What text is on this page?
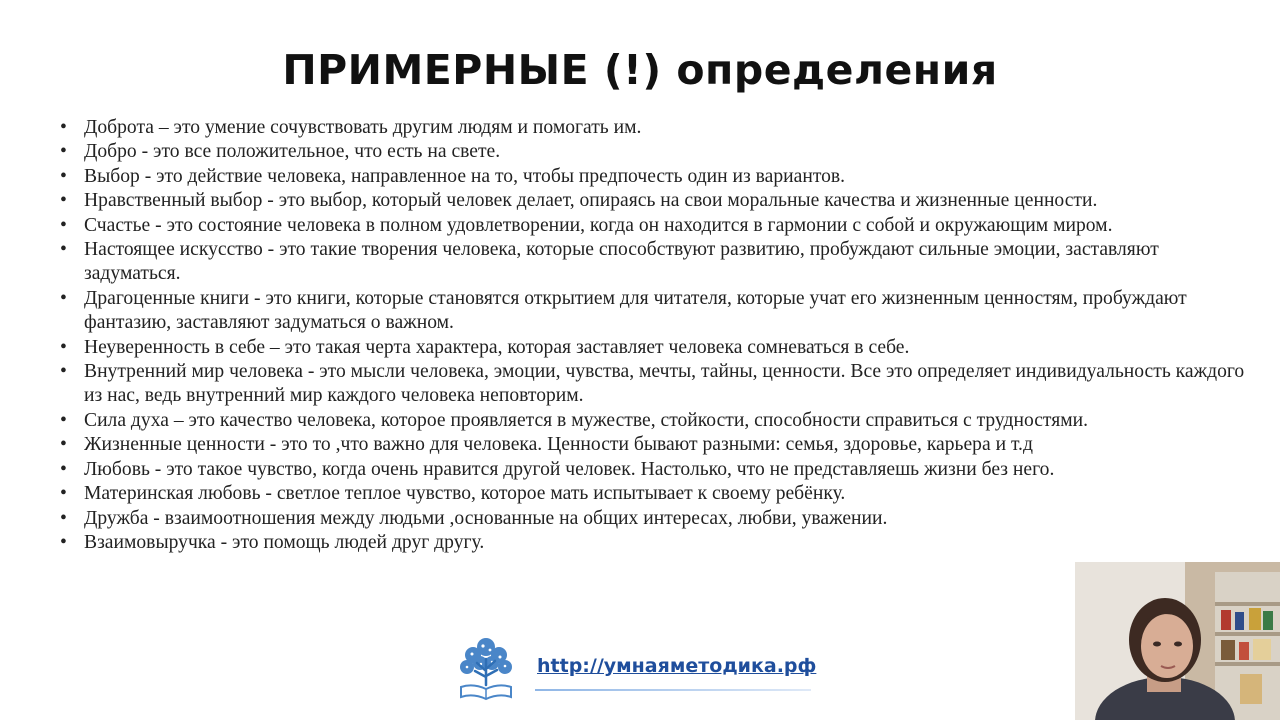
ПРИМЕРНЫЕ (!) определения
• Доброта – это умение сочувствовать другим людям и помогать им.
• Добро - это все положительное, что есть на свете.
• Выбор - это действие человека, направленное на то, чтобы предпочесть один из вариантов.
• Нравственный выбор - это выбор, который человек делает, опираясь на свои моральные качества и жизненные ценности.
• Счастье - это состояние человека в полном удовлетворении, когда он находится в гармонии с собой и окружающим миром.
• Настоящее искусство - это такие творения человека, которые способствуют развитию, пробуждают сильные эмоции, заставляют задуматься.
• Драгоценные книги - это книги, которые становятся открытием для читателя, которые учат его жизненным ценностям, пробуждают фантазию, заставляют задуматься о важном.
• Неуверенность в себе – это такая черта характера, которая заставляет человека сомневаться в себе.
• Внутренний мир человека - это мысли человека, эмоции, чувства, мечты, тайны, ценности. Все это определяет индивидуальность каждого из нас, ведь внутренний мир каждого человека неповторим.
• Сила духа – это качество человека, которое проявляется в мужестве, стойкости, способности справиться с трудностями.
• Жизненные ценности - это то ,что важно для человека. Ценности бывают разными: семья, здоровье, карьера и т.д
• Любовь - это такое чувство, когда очень нравится другой человек. Настолько, что не представляешь жизни без него.
• Материнская любовь - светлое теплое чувство, которое мать испытывает к своему ребёнку.
• Дружба - взаимоотношения между людьми ,основанные на общих интересах, любви, уважении.
• Взаимовыручка - это помощь людей друг другу.
http://умнаяметодика.рф
